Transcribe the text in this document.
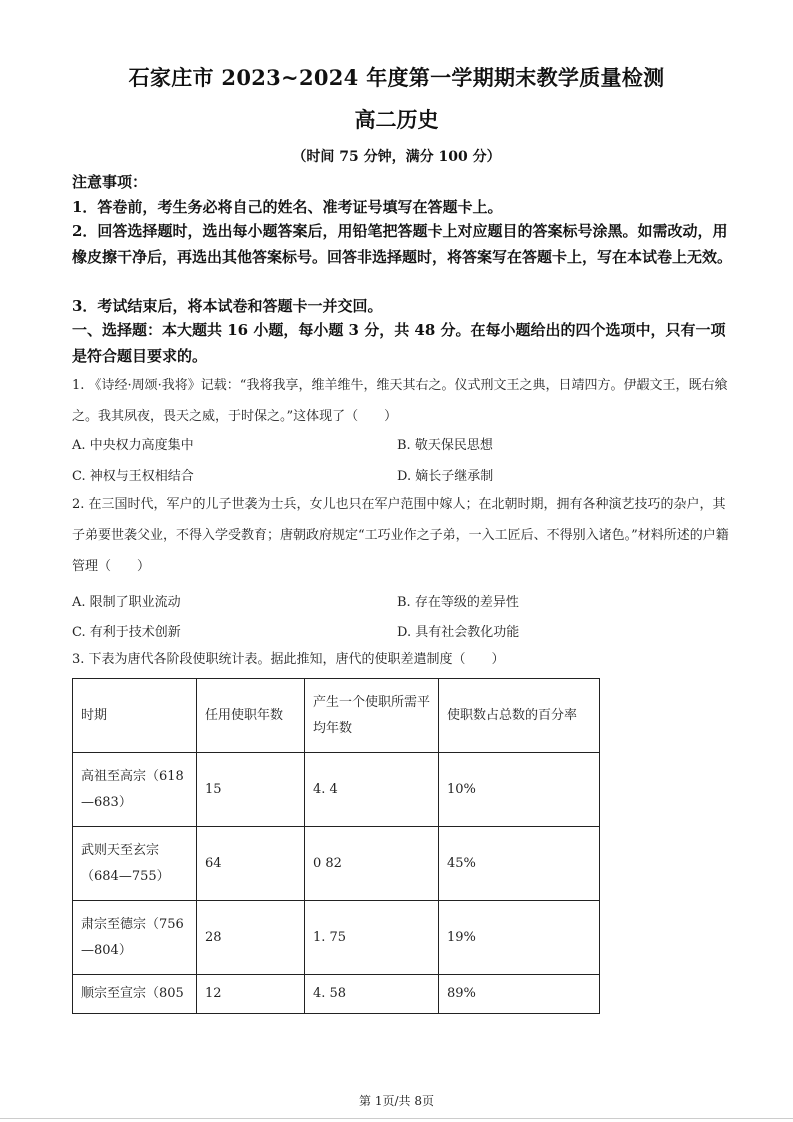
石家庄市 2023~2024 年度第一学期期末教学质量检测
高二历史
（时间 75 分钟，满分 100 分）
注意事项：
1．答卷前，考生务必将自己的姓名、准考证号填写在答题卡上。
2．回答选择题时，选出每小题答案后，用铅笔把答题卡上对应题目的答案标号涂黑。如需改动，用橡皮擦干净后，再选出其他答案标号。回答非选择题时，将答案写在答题卡上，写在本试卷上无效。
3．考试结束后，将本试卷和答题卡一并交回。
一、选择题：本大题共 16 小题，每小题 3 分，共 48 分。在每小题给出的四个选项中，只有一项是符合题目要求的。
1. 《诗经·周颂·我将》记载：“我将我享，维羊维牛，维天其右之。仪式刑文王之典，日靖四方。伊嘏文王，既右飨之。我其夙夜，畏天之威，于时保之。”这体现了（　　）
A. 中央权力高度集中	B. 敬天保民思想
C. 神权与王权相结合	D. 嫡长子继承制
2. 在三国时代，军户的儿子世袭为士兵，女儿也只在军户范围中嫁人；在北朝时期，拥有各种演艺技巧的杂户，其子弟要世袭父业，不得入学受教育；唐朝政府规定“工巧业作之子弟，一入工匠后、不得别入诸色。”材料所述的户籍管理（　　）
A. 限制了职业流动	B. 存在等级的差异性
C. 有利于技术创新	D. 具有社会教化功能
3. 下表为唐代各阶段使职统计表。据此推知，唐代的使职差遣制度（　　）
时期	任用使职年数	产生一个使职所需平均年数	使职数占总数的百分率
高祖至高宗（618—683）	15	4. 4	10%
武则天至玄宗（684—755）	64	0 82	45%
肃宗至德宗（756—804）	28	1. 75	19%
顺宗至宣宗（805	12	4. 58	89%
第 1页/共 8页
